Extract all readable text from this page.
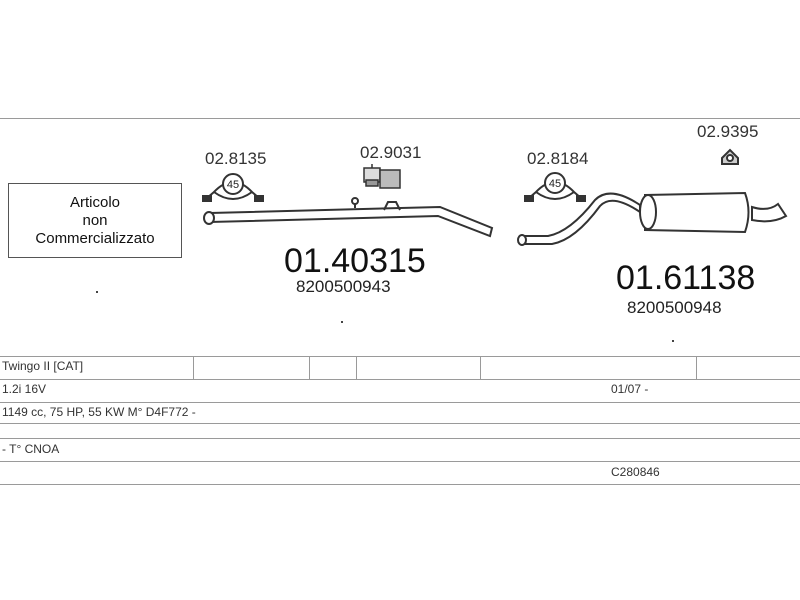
Articolo
non
Commercializzato
02.8135	02.9031	02.8184
02.9395
01.40315
8200500943	01.61138
8200500948
45	45
Twingo II [CAT]
1.2i 16V	01/07 -
1149 cc, 75 HP, 55 KW M° D4F772 -
- T° CNOA
C280846
